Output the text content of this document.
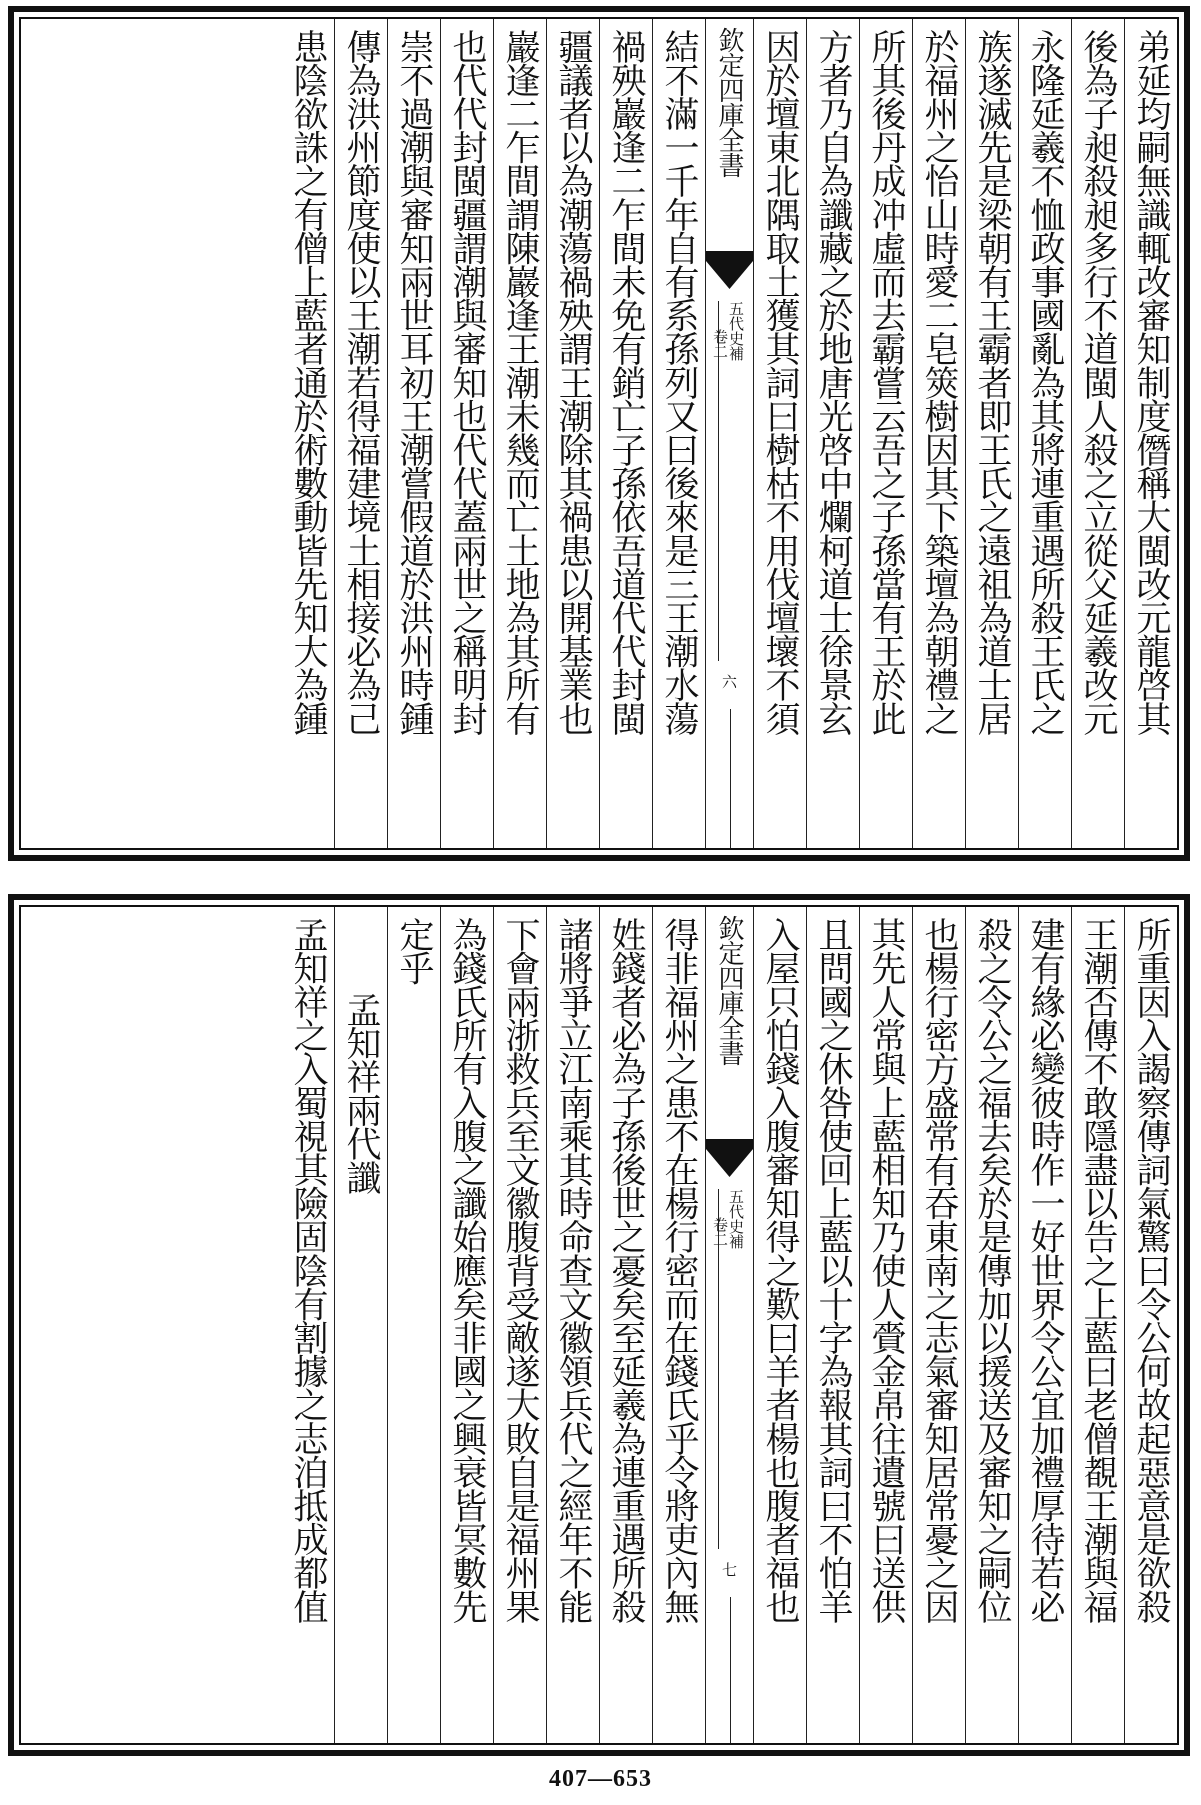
弟延均嗣無識輒改審知制度僭稱大閩改元龍啓其
後為子昶殺昶多行不道閩人殺之立從父延羲改元
永隆延羲不恤政事國亂為其將連重遇所殺王氏之
族遂滅先是梁朝有王霸者即王氏之遠祖為道士居
於福州之怡山時愛二皂筴樹因其下築壇為朝禮之
所其後丹成冲虛而去霸嘗云吾之子孫當有王於此
方者乃自為讖藏之於地唐光啓中爛柯道士徐景玄
因於壇東北隅取土獲其詞曰樹枯不用伐壇壞不須
欽定四庫全書
五代史補
卷二
六
結不滿一千年自有系孫列又曰後來是三王潮水蕩
禍殃巖逢二乍間未免有銷亡子孫依吾道代代封閩
疆議者以為潮蕩禍殃謂王潮除其禍患以開基業也
巖逢二乍間謂陳巖逢王潮未幾而亡土地為其所有
也代代封閩疆謂潮與審知也代代蓋兩世之稱明封
崇不過潮與審知兩世耳初王潮嘗假道於洪州時鍾
傳為洪州節度使以王潮若得福建境土相接必為己
患陰欲誅之有僧上藍者通於術數動皆先知大為鍾
所重因入謁察傳詞氣驚曰令公何故起惡意是欲殺
王潮否傳不敢隱盡以告之上藍曰老僧覩王潮與福
建有緣必變彼時作一好世界令公宜加禮厚待若必
殺之令公之福去矣於是傳加以援送及審知之嗣位
也楊行密方盛常有吞東南之志氣審知居常憂之因
其先人常與上藍相知乃使人賫金帛往遺號曰送供
且問國之休咎使回上藍以十字為報其詞曰不怕羊
入屋只怕錢入腹審知得之歎曰羊者楊也腹者福也
欽定四庫全書
五代史補
卷二
七
得非福州之患不在楊行密而在錢氏乎令將吏內無
姓錢者必為子孫後世之憂矣至延羲為連重遇所殺
諸將爭立江南乘其時命查文徽領兵代之經年不能
下會兩浙救兵至文徽腹背受敵遂大敗自是福州果
為錢氏所有入腹之讖始應矣非國之興衰皆冥數先
定乎
孟知祥兩代讖
孟知祥之入蜀視其險固陰有割據之志洎抵成都值
407—653
